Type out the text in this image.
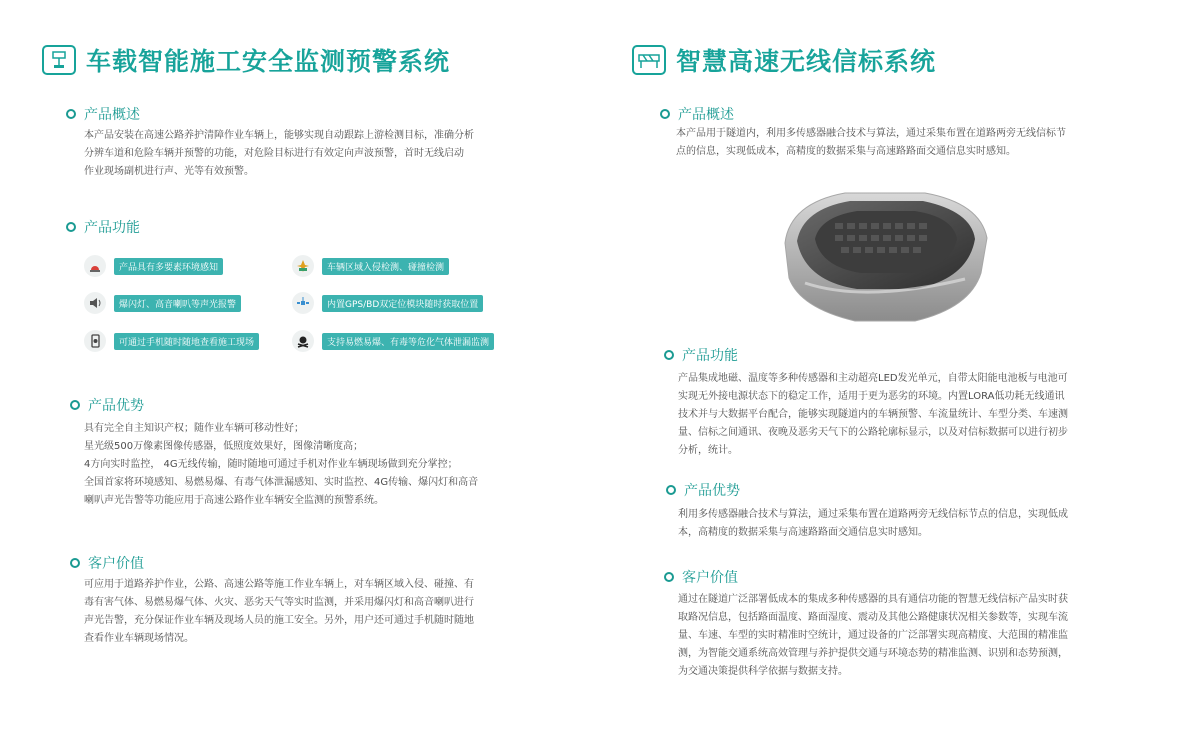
车载智能施工安全监测预警系统
产品概述
本产品安装在高速公路养护清障作业车辆上，能够实现自动跟踪上游检测目标，准确分析
分辨车道和危险车辆并预警的功能，对危险目标进行有效定向声波预警，首时无线启动
作业现场副机进行声、光等有效预警。
产品功能
产品具有多要素环境感知	车辆区域入侵检测、碰撞检测
爆闪灯、高音喇叭等声光报警	内置GPS/BD双定位模块随时获取位置
可通过手机随时随地查看施工现场	支持易燃易爆、有毒等危化气体泄漏监测
产品优势
具有完全自主知识产权；随作业车辆可移动性好；
星光级500万像素图像传感器，低照度效果好，图像清晰度高；
4方向实时监控， 4G无线传输，随时随地可通过手机对作业车辆现场做到充分掌控；
全国首家将环境感知、易燃易爆、有毒气体泄漏感知、实时监控、4G传输、爆闪灯和高音
喇叭声光告警等功能应用于高速公路作业车辆安全监测的预警系统。
客户价值
可应用于道路养护作业，公路、高速公路等施工作业车辆上，对车辆区域入侵、碰撞、有
毒有害气体、易燃易爆气体、火灾、恶劣天气等实时监测，并采用爆闪灯和高音喇叭进行
声光告警，充分保证作业车辆及现场人员的施工安全。另外，用户还可通过手机随时随地
查看作业车辆现场情况。
智慧高速无线信标系统
产品概述
本产品用于隧道内，利用多传感器融合技术与算法，通过采集布置在道路两旁无线信标节
点的信息，实现低成本，高精度的数据采集与高速路路面交通信息实时感知。
产品功能
产品集成地磁、温度等多种传感器和主动超亮LED发光单元，自带太阳能电池板与电池可
实现无外接电源状态下的稳定工作，适用于更为恶劣的环境。内置LORA低功耗无线通讯
技术并与大数据平台配合，能够实现隧道内的车辆预警、车流量统计、车型分类、车速测
量、信标之间通讯、夜晚及恶劣天气下的公路轮廓标显示，以及对信标数据可以进行初步
分析，统计。
产品优势
利用多传感器融合技术与算法，通过采集布置在道路两旁无线信标节点的信息，实现低成
本，高精度的数据采集与高速路路面交通信息实时感知。
客户价值
通过在隧道广泛部署低成本的集成多种传感器的具有通信功能的智慧无线信标产品实时获
取路况信息，包括路面温度、路面湿度、震动及其他公路健康状况相关参数等，实现车流
量、车速、车型的实时精准时空统计，通过设备的广泛部署实现高精度、大范围的精准监
测，为智能交通系统高效管理与养护提供交通与环境态势的精准监测、识别和态势预测，
为交通决策提供科学依据与数据支持。
